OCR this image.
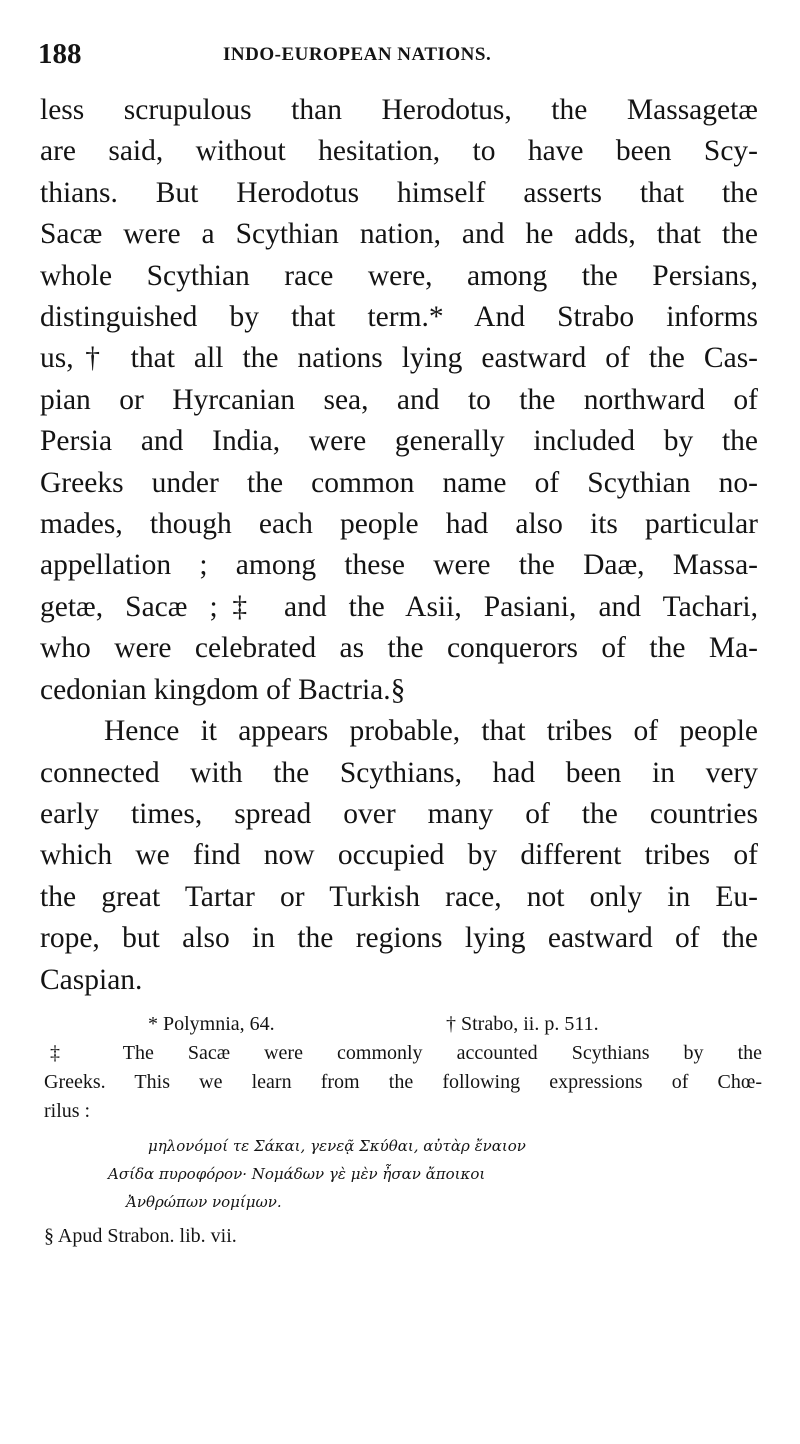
188	INDO-EUROPEAN NATIONS.
less scrupulous than Herodotus, the Massagetæ
are said, without hesitation, to have been Scy-
thians. But Herodotus himself asserts that the
Sacæ were a Scythian nation, and he adds, that the
whole Scythian race were, among the Persians,
distinguished by that term.* And Strabo informs
us,† that all the nations lying eastward of the Cas-
pian or Hyrcanian sea, and to the northward of
Persia and India, were generally included by the
Greeks under the common name of Scythian no-
mades, though each people had also its particular
appellation ; among these were the Daæ, Massa-
getæ, Sacæ ;‡ and the Asii, Pasiani, and Tachari,
who were celebrated as the conquerors of the Ma-
cedonian kingdom of Bactria.§
Hence it appears probable, that tribes of people
connected with the Scythians, had been in very
early times, spread over many of the countries
which we find now occupied by different tribes of
the great Tartar or Turkish race, not only in Eu-
rope, but also in the regions lying eastward of the
Caspian.
* Polymnia, 64.	† Strabo, ii. p. 511.
‡ The Sacæ were commonly accounted Scythians by the
Greeks. This we learn from the following expressions of Chœ-
rilus :
μηλονόμοί τε Σάκαι, γενεᾷ Σκύθαι, αὐτὰρ ἔναιον
Ασίδα πυροφόρον· Νομάδων γὲ μὲν ἦσαν ἄποικοι
Ἀνθρώπων νομίμων.
§ Apud Strabon. lib. vii.
